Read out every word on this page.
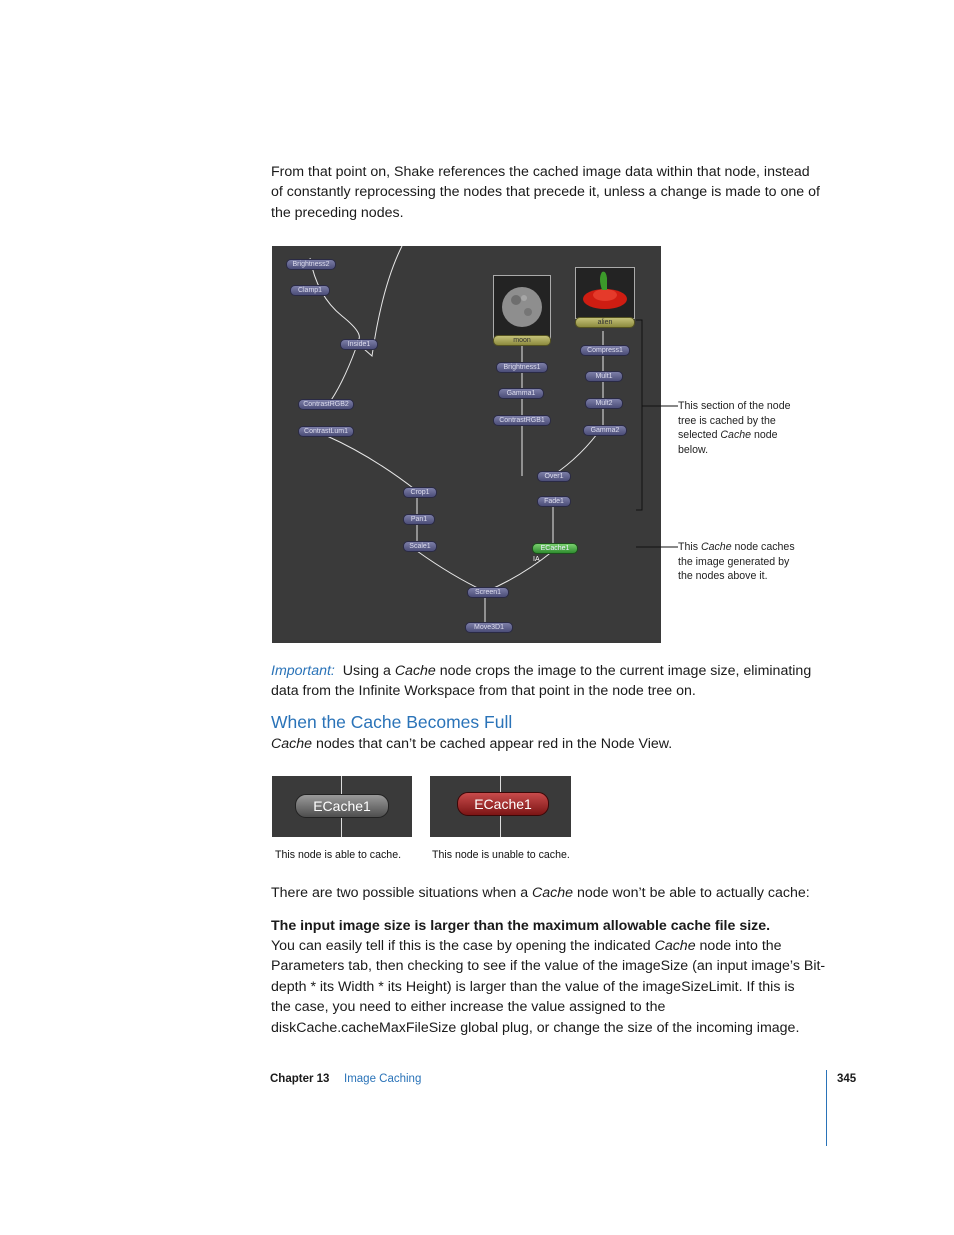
From that point on, Shake references the cached image data within that node, instead
of constantly reprocessing the nodes that precede it, unless a change is made to one of
the preceding nodes.
Brightness2
Clamp1
Inside1
ContrastRGB2
ContrastLum1
Crop1
Pan1
Scale1
moon
Brightness1
Gamma1
ContrastRGB1
alien
Compress1
Mult1
Mult2
Gamma2
Over1
Fade1
ECache1
IA
Screen1
Move3D1
This section of the node
tree is cached by the
selected Cache node
below.
This Cache node caches
the image generated by
the nodes above it.
Important: Using a Cache node crops the image to the current image size, eliminating
data from the Infinite Workspace from that point in the node tree on.
When the Cache Becomes Full
Cache nodes that can’t be cached appear red in the Node View.
ECache1	ECache1
This node is able to cache.	This node is unable to cache.
There are two possible situations when a Cache node won’t be able to actually cache:
The input image size is larger than the maximum allowable cache file size.
You can easily tell if this is the case by opening the indicated Cache node into the
Parameters tab, then checking to see if the value of the imageSize (an input image’s Bit-
depth * its Width * its Height) is larger than the value of the imageSizeLimit. If this is
the case, you need to either increase the value assigned to the
diskCache.cacheMaxFileSize global plug, or change the size of the incoming image.
Chapter 13 Image Caching	345
